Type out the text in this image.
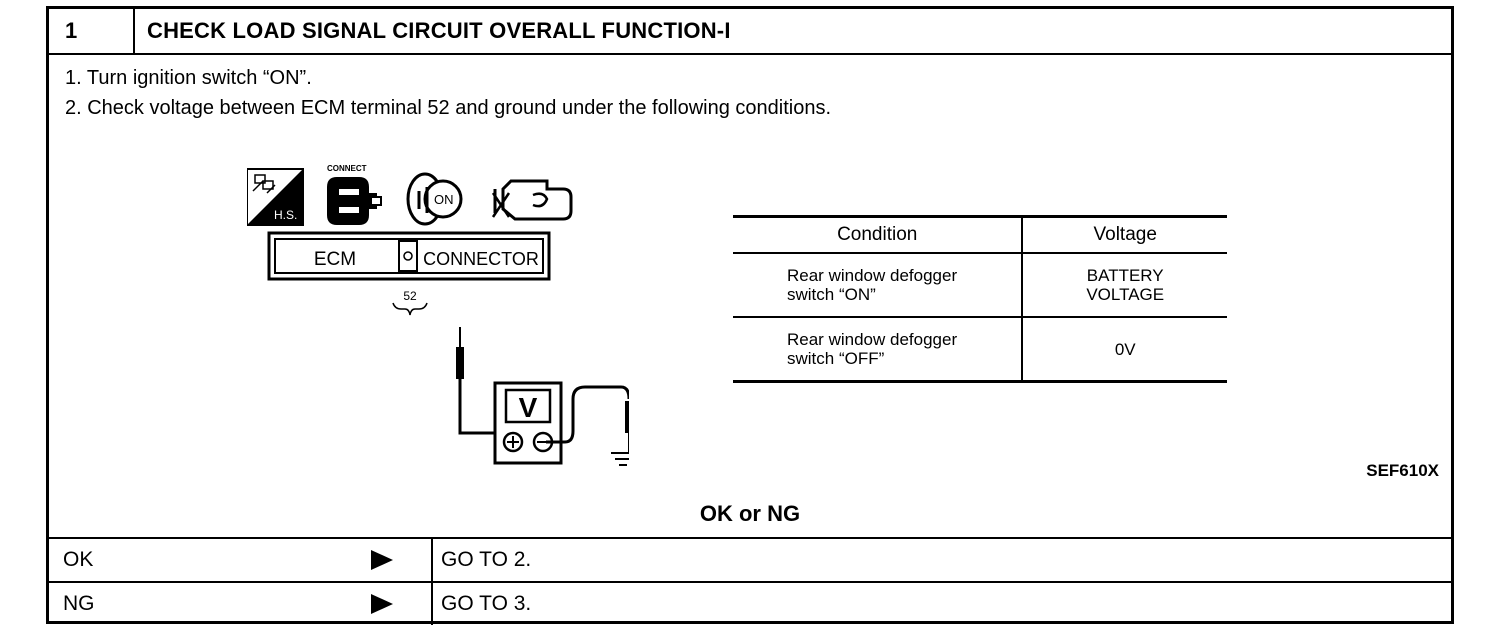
1	CHECK LOAD SIGNAL CIRCUIT OVERALL FUNCTION-I
1. Turn ignition switch “ON”.
2. Check voltage between ECM terminal 52 and ground under the following conditions.
H.S.
CONNECT
ON
ECM	CONNECTOR
52
V
Condition	Voltage
Rear window defogger
switch “ON”	BATTERY
VOLTAGE
Rear window defogger
switch “OFF”	0V
SEF610X
OK or NG
OK	GO TO 2.
NG	GO TO 3.
